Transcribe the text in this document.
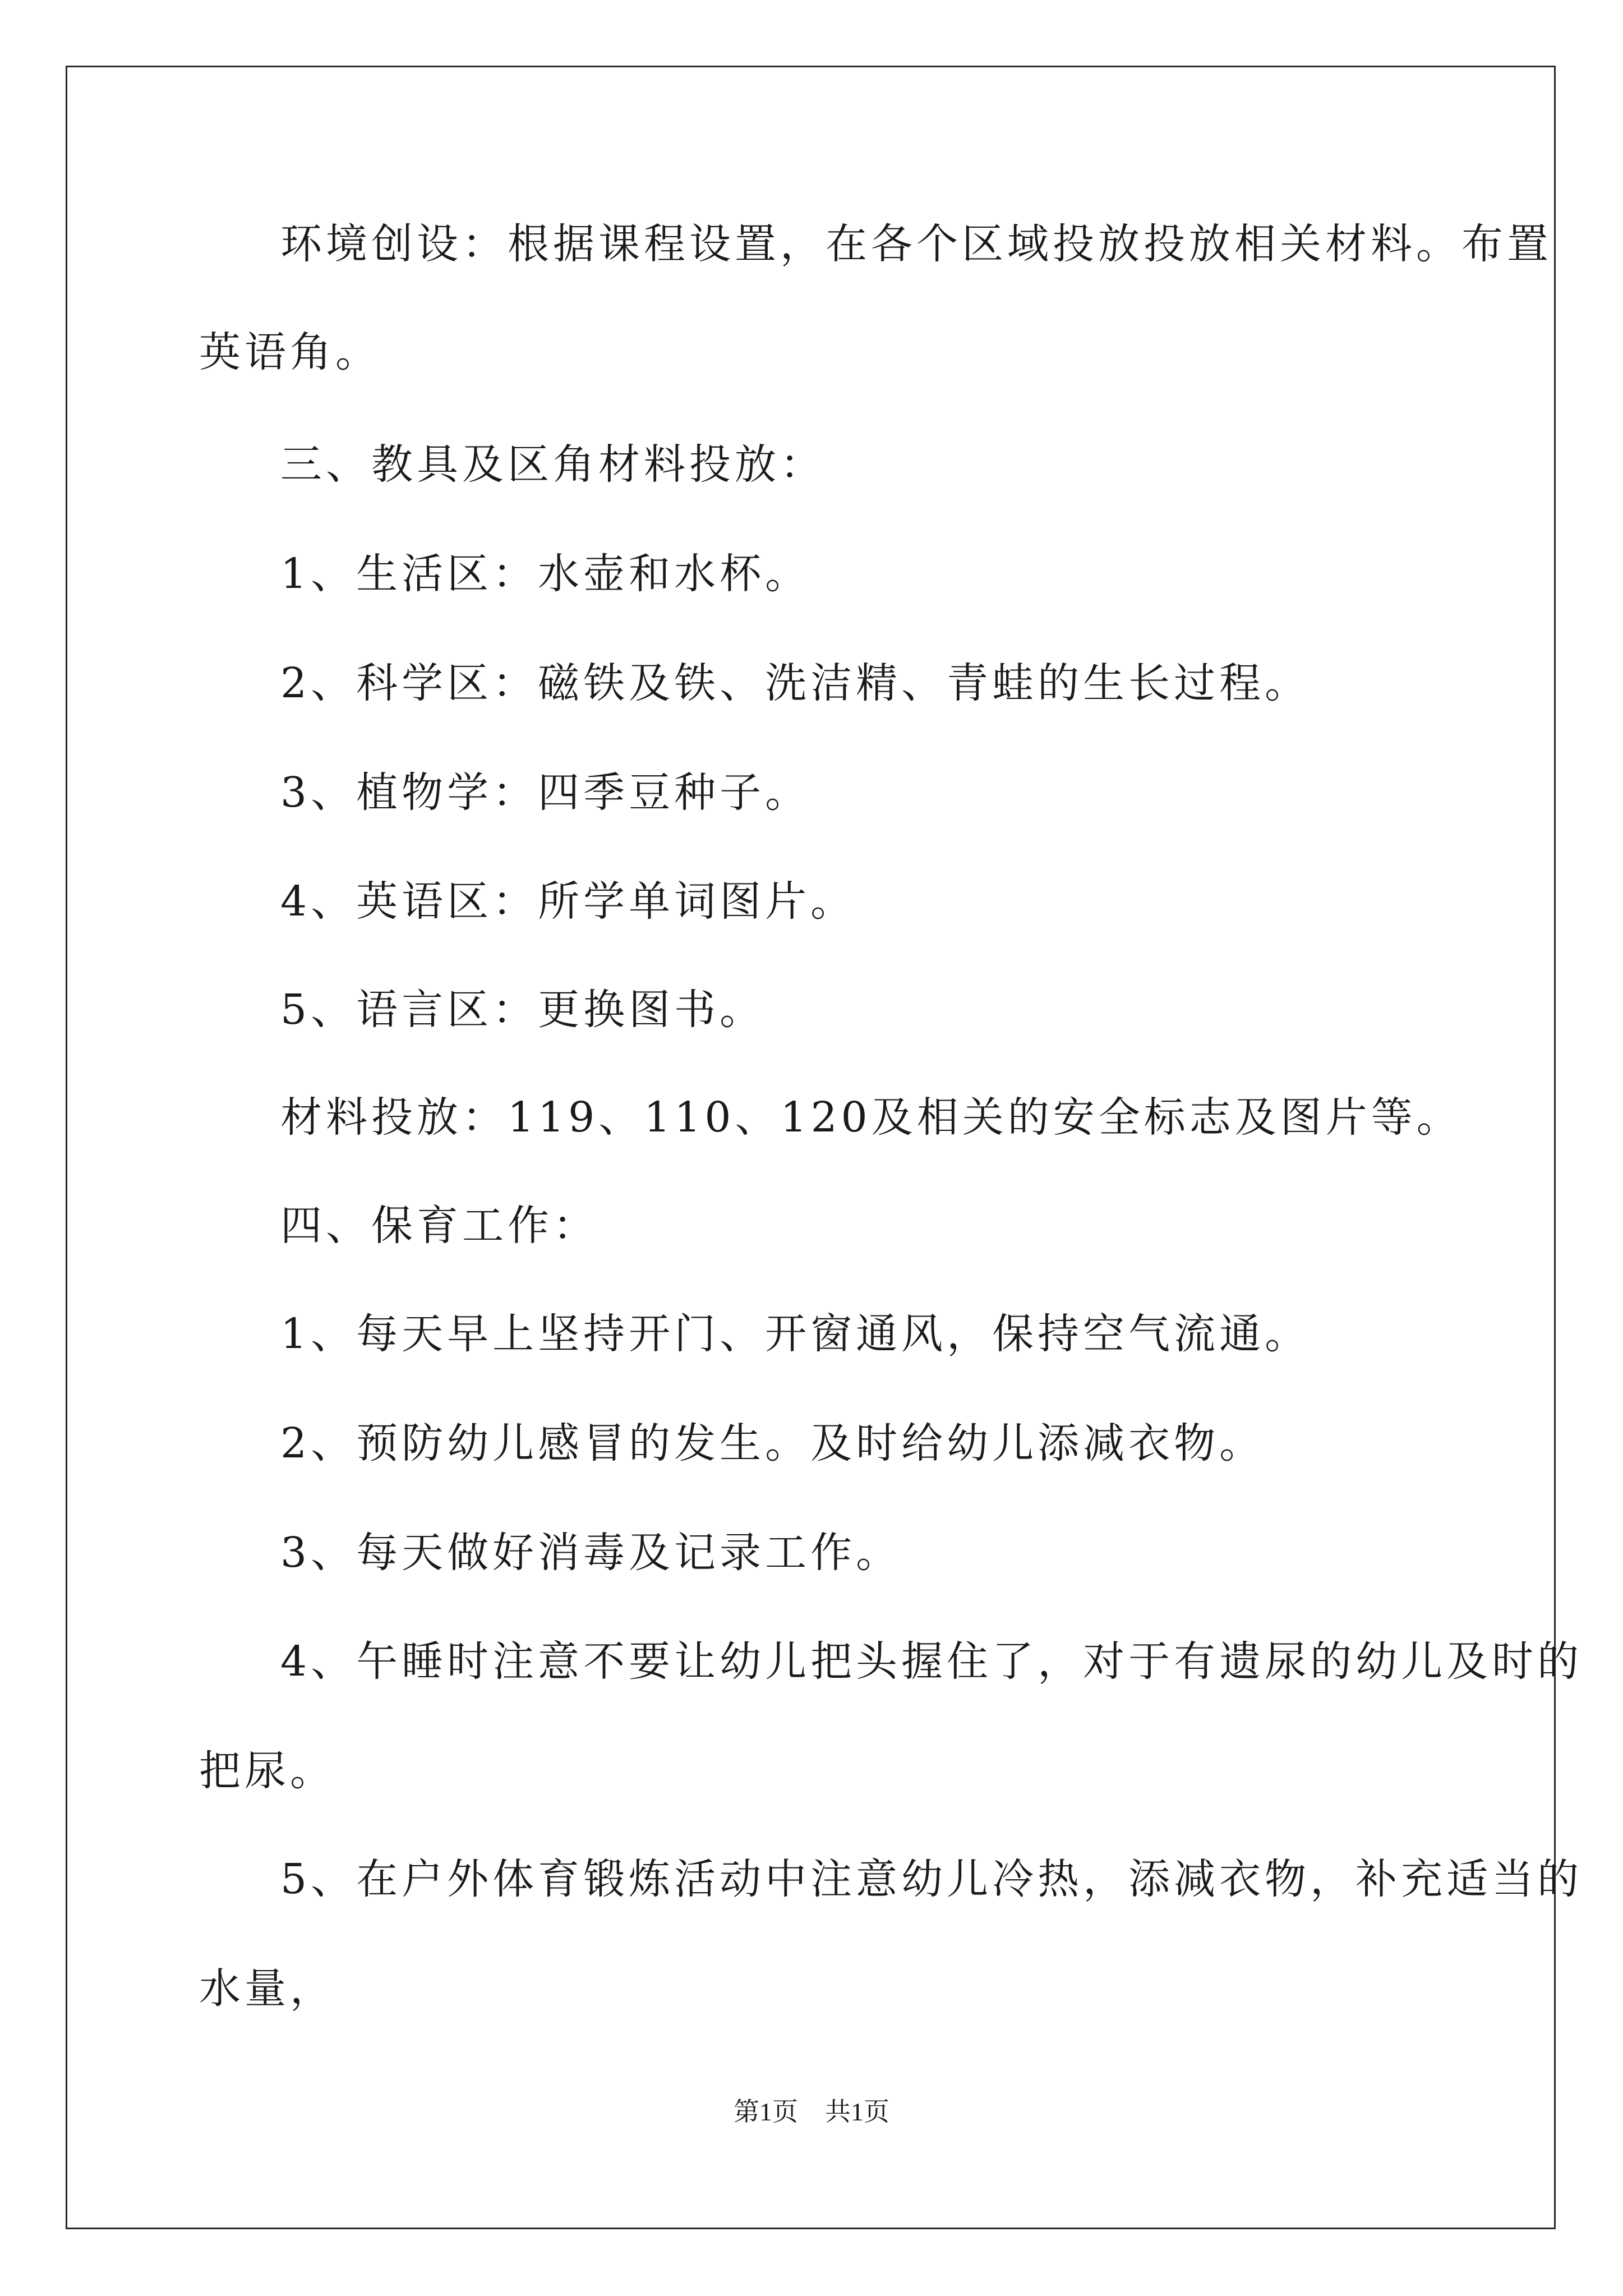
环境创设：根据课程设置，在各个区域投放投放相关材料。布置
英语角。
三、教具及区角材料投放：
1、生活区：水壶和水杯。
2、科学区：磁铁及铁、洗洁精、青蛙的生长过程。
3、植物学：四季豆种子。
4、英语区：所学单词图片。
5、语言区：更换图书。
材料投放：119、110、120及相关的安全标志及图片等。
四、保育工作：
1、每天早上坚持开门、开窗通风，保持空气流通。
2、预防幼儿感冒的发生。及时给幼儿添减衣物。
3、每天做好消毒及记录工作。
4、午睡时注意不要让幼儿把头握住了，对于有遗尿的幼儿及时的
把尿。
5、在户外体育锻炼活动中注意幼儿冷热，添减衣物，补充适当的
水量，
第1页 共1页
